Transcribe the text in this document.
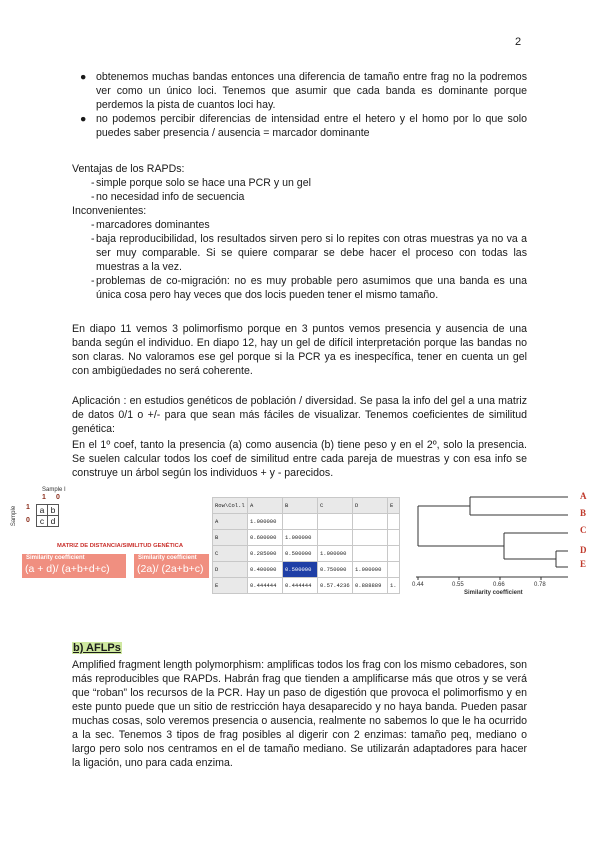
2
● obtenemos muchas bandas entonces una diferencia de tamaño entre frag no la podremos ver como un único loci. Tenemos que asumir que cada banda es dominante porque perdemos la pista de cuantos loci hay.
● no podemos percibir diferencias de intensidad entre el hetero y el homo por lo que solo puedes saber presencia / ausencia = marcador dominante
Ventajas de los RAPDs:
- simple porque solo se hace una PCR y un gel
- no necesidad info de secuencia
Inconvenientes:
- marcadores dominantes
- baja reproducibilidad, los resultados sirven pero si lo repites con otras muestras ya no va a ser muy comparable. Si se quiere comparar se debe hacer el proceso con todas las muestras a la vez.
- problemas de co-migración: no es muy probable pero asumimos que una banda es una única cosa pero hay veces que dos locis pueden tener el mismo tamaño.
En diapo 11 vemos 3 polimorfismo porque en 3 puntos vemos presencia y ausencia de una banda según el individuo. En diapo 12, hay un gel de difícil interpretación porque las bandas no son claras. No valoramos ese gel porque si la PCR ya es inespecífica, tener en cuenta un gel con ambigüedades no será coherente.
Aplicación : en estudios genéticos de población / diversidad. Se pasa la info del gel a una matriz de datos 0/1 o +/- para que sean más fáciles de visualizar. Tenemos coeficientes de similitud genética:
En el 1º coef, tanto la presencia (a) como ausencia (b) tiene peso y en el 2º, solo la presencia. Se suelen calcular todos los coef de similitud entre cada pareja de muestras y con esa info se construye un árbol según los individuos + y - parecidos.
Sample I
Sample
1 0
1
0
a	b
c	d
MATRIZ DE DISTANCIA/SIMILITUD GENÉTICA
Similarity coefficient
(a + d)/ (a+b+d+c)
Similarity coefficient
(2a)/ (2a+b+c)
Row\Col.l	A	B	C	D	E
A	1.000000				
B	0.600000	1.000000			
C	0.285000	0.500000	1.000000		
D	0.400000	0.500000	0.750000	1.000000	
E	0.444444	0.444444	0.57.4236	0.888889	1.
A
B
C
D
E
0.44	0.55	0.66	0.78
Similarity coefficient
b) AFLPs
Amplified fragment length polymorphism: amplificas todos los frag con los mismo cebadores, son más reproducibles que RAPDs. Habrán frag que tienden a amplificarse más que otros y se verá que “roban” los recursos de la PCR. Hay un paso de digestión que provoca el polimorfismo y en este punto puede que un sitio de restricción haya desaparecido y no haya banda. Pueden pasar muchas cosas, solo veremos presencia o ausencia, realmente no sabemos lo que le ha ocurrido a la sec. Tenemos 3 tipos de frag posibles al digerir con 2 enzimas: tamaño peq, mediano o largo pero solo nos centramos en el de tamaño mediano. Se utilizarán adaptadores para hacer la ligación, uno para cada enzima.
